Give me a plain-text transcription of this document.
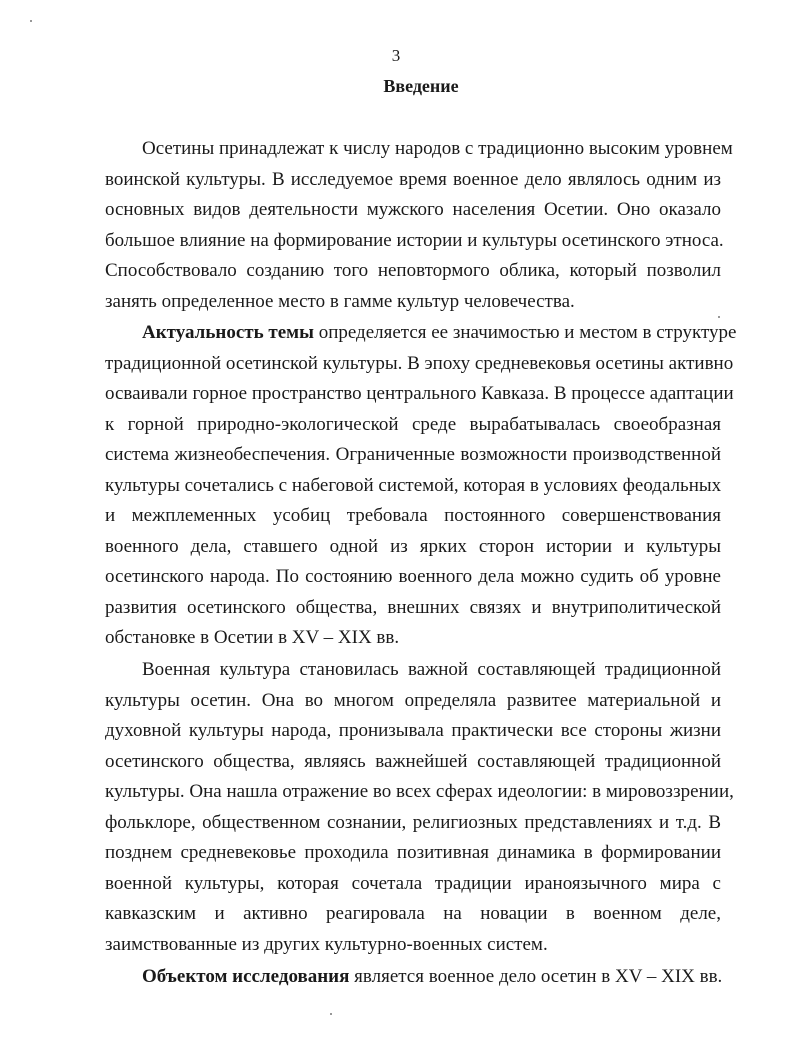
3
Введение
Осетины принадлежат к числу народов с традиционно высоким уровнем
воинской культуры. В исследуемое время военное дело являлось одним из
основных видов деятельности мужского населения Осетии. Оно оказало
большое влияние на формирование истории и культуры осетинского этноса.
Способствовало созданию того неповтормого облика, который позволил
занять определенное место в гамме культур человечества.
Актуальность темы определяется ее значимостью и местом в структуре
традиционной осетинской культуры. В эпоху средневековья осетины активно
осваивали горное пространство центрального Кавказа. В процессе адаптации
к горной природно-экологической среде вырабатывалась своеобразная
система жизнеобеспечения. Ограниченные возможности производственной
культуры сочетались с набеговой системой, которая в условиях феодальных
и межплеменных усобиц требовала постоянного совершенствования
военного дела, ставшего одной из ярких сторон истории и культуры
осетинского народа. По состоянию военного дела можно судить об уровне
развития осетинского общества, внешних связях и внутриполитической
обстановке в Осетии в XV – XIX вв.
Военная культура становилась важной составляющей традиционной
культуры осетин. Она во многом определяла развитее материальной и
духовной культуры народа, пронизывала практически все стороны жизни
осетинского общества, являясь важнейшей составляющей традиционной
культуры. Она нашла отражение во всех сферах идеологии: в мировоззрении,
фольклоре, общественном сознании, религиозных представлениях и т.д. В
позднем средневековье проходила позитивная динамика в формировании
военной культуры, которая сочетала традиции ираноязычного мира с
кавказским и активно реагировала на новации в военном деле,
заимствованные из других культурно-военных систем.
Объектом исследования является военное дело осетин в XV – XIX вв.
